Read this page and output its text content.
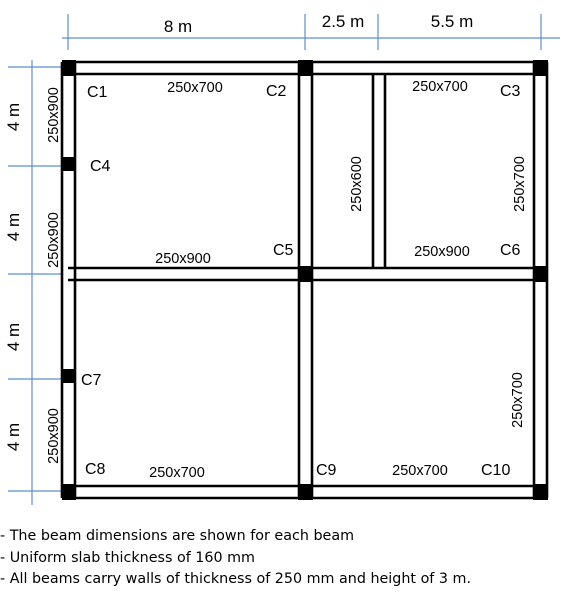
8 m	2.5 m	5.5 m
4 m
4 m
4 m
4 m
250x700	250x700
250x900
250x900
250x900
250x900	250x900
250x600	250x700
250x700
250x700	250x700
C1	C2	C3
C4
C5	C6
C7
C8	C9	C10
- The beam dimensions are shown for each beam
- Uniform slab thickness of 160 mm
- All beams carry walls of thickness of 250 mm and height of 3 m.
